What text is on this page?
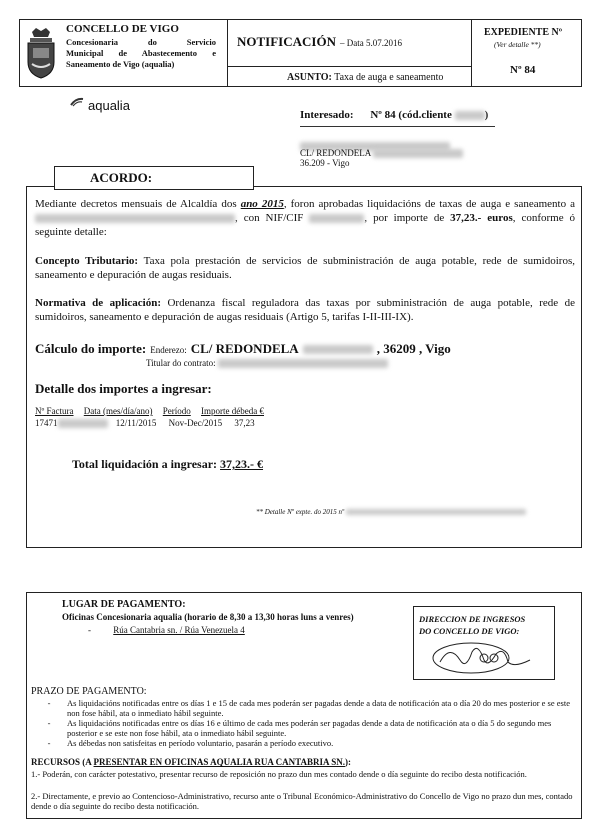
CONCELLO DE VIGO
Concesionaria do Servicio
Municipal de Abastecemento e
Saneamento de Vigo (aqualia)
NOTIFICACIÓN – Data 5.07.2016
ASUNTO: Taxa de auga e saneamento
EXPEDIENTE Nº
(Ver detalle **)
Nº 84
aqualia
Interesado: Nº 84 (cód.cliente	)
CL/ REDONDELA
36.209 - Vigo
ACORDO:
Mediante decretos mensuais de Alcaldía dos ano 2015, foron aprobadas liquidacións de taxas de auga e saneamento a , con NIF/CIF	, por importe de 37,23.- euros, conforme ó seguinte detalle:
Concepto Tributario: Taxa pola prestación de servicios de subministración de auga potable, rede de sumidoiros, saneamento e depuración de augas residuais.
Normativa de aplicación: Ordenanza fiscal reguladora das taxas por subministración de auga potable, rede de sumidoiros, saneamento e depuración de augas residuais (Artigo 5, tarifas I-II-III-IX).
Cálculo do importe: Enderezo: CL/ REDONDELA	, 36209 , Vigo
Titular do contrato:
Detalle dos importes a ingresar:
Nº Factura Data (mes/día/ano) Período Importe débeda €
17471	12/11/2015 Nov-Dec/2015 37,23
Total liquidación a ingresar: 37,23.- €
** Detalle Nº expte. do 2015 nº
LUGAR DE PAGAMENTO:
Oficinas Concesionaria aqualia (horario de 8,30 a 13,30 horas luns a venres)
- Rúa Cantabria sn. / Rúa Venezuela 4
DIRECCION DE INGRESOS
DO CONCELLO DE VIGO:
PRAZO DE PAGAMENTO:
-	As liquidacións notificadas entre os días 1 e 15 de cada mes poderán ser pagadas dende a data de notificación ata o día 20 do mes posterior e se este non fose hábil, ata o inmediato hábil seguinte.
-	As liquidacións notificadas entre os días 16 e último de cada mes poderán ser pagadas dende a data de notificación ata o día 5 do segundo mes posterior e se este non fose hábil, ata o inmediato hábil seguinte.
-	As débedas non satisfeitas en período voluntario, pasarán a período executivo.
RECURSOS (A PRESENTAR EN OFICINAS AQUALIA RUA CANTABRIA SN.):
1.- Poderán, con carácter potestativo, presentar recurso de reposición no prazo dun mes contado dende o día seguinte do recibo desta notificación.
2.- Directamente, e previo ao Contencioso-Administrativo, recurso ante o Tribunal Económico-Administrativo do Concello de Vigo no prazo dun mes, contado dende o día seguinte do recibo desta notificación.
